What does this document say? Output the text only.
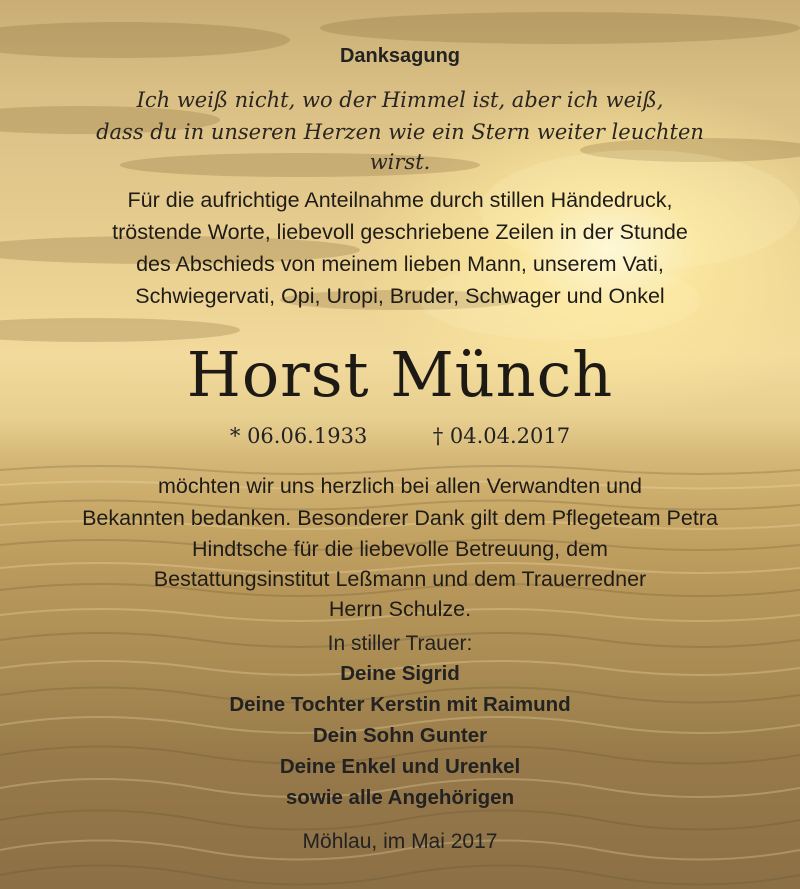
Danksagung
Ich weiß nicht, wo der Himmel ist, aber ich weiß,
dass du in unseren Herzen wie ein Stern weiter leuchten
wirst.
Für die aufrichtige Anteilnahme durch stillen Händedruck,
tröstende Worte, liebevoll geschriebene Zeilen in der Stunde
des Abschieds von meinem lieben Mann, unserem Vati,
Schwiegervati, Opi, Uropi, Bruder, Schwager und Onkel
Horst Münch
* 06.06.1933	† 04.04.2017
möchten wir uns herzlich bei allen Verwandten und
Bekannten bedanken. Besonderer Dank gilt dem Pflegeteam Petra
Hindtsche für die liebevolle Betreuung, dem
Bestattungsinstitut Leßmann und dem Trauerredner
Herrn Schulze.
In stiller Trauer:
Deine Sigrid
Deine Tochter Kerstin mit Raimund
Dein Sohn Gunter
Deine Enkel und Urenkel
sowie alle Angehörigen
Möhlau, im Mai 2017
